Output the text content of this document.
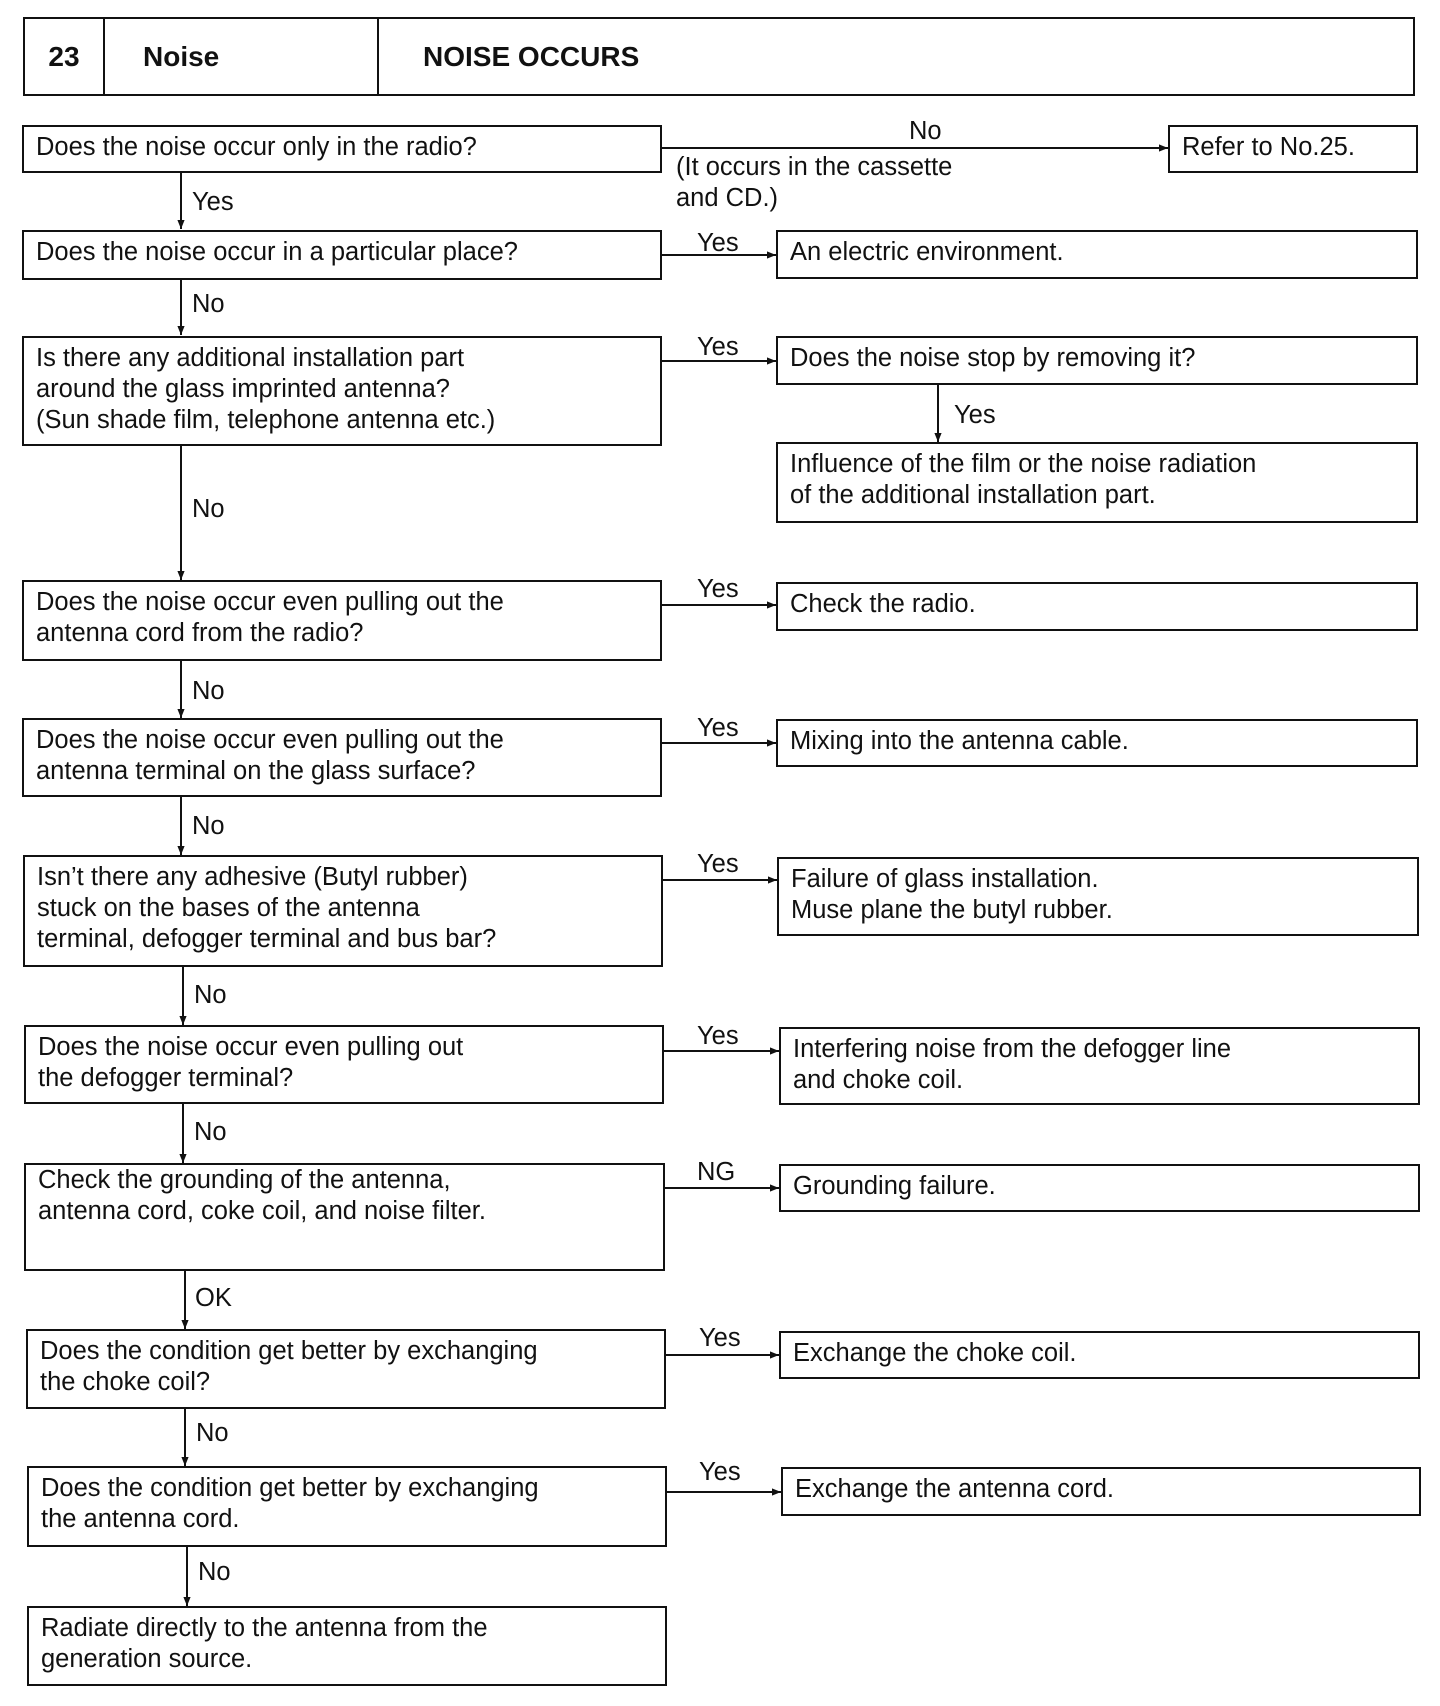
23	Noise	NOISE OCCURS
Does the noise occur only in the radio?
No
(It occurs in the cassette
and CD.)
Refer to No.25.
Yes
Does the noise occur in a particular place?	Yes	An electric environment.
No
Is there any additional installation part
around the glass imprinted antenna?
(Sun shade film, telephone antenna etc.)
Yes	Does the noise stop by removing it?
Yes
Influence of the film or the noise radiation
of the additional installation part.
No
Does the noise occur even pulling out the
antenna cord from the radio?
Yes
Check the radio.
No
Does the noise occur even pulling out the
antenna terminal on the glass surface?
Yes	Mixing into the antenna cable.
No
Isn’t there any adhesive (Butyl rubber)
stuck on the bases of the antenna
terminal, defogger terminal and bus bar?
Yes
Failure of glass installation.
Muse plane the butyl rubber.
No
Does the noise occur even pulling out
the defogger terminal?
Yes	Interfering noise from the defogger line
and choke coil.
No
Check the grounding of the antenna,
antenna cord, coke coil, and noise filter.
NG	Grounding failure.
OK
Does the condition get better by exchanging
the choke coil?
Yes
Exchange the choke coil.
No
Does the condition get better by exchanging
the antenna cord.
Yes
Exchange the antenna cord.
No
Radiate directly to the antenna from the
generation source.
